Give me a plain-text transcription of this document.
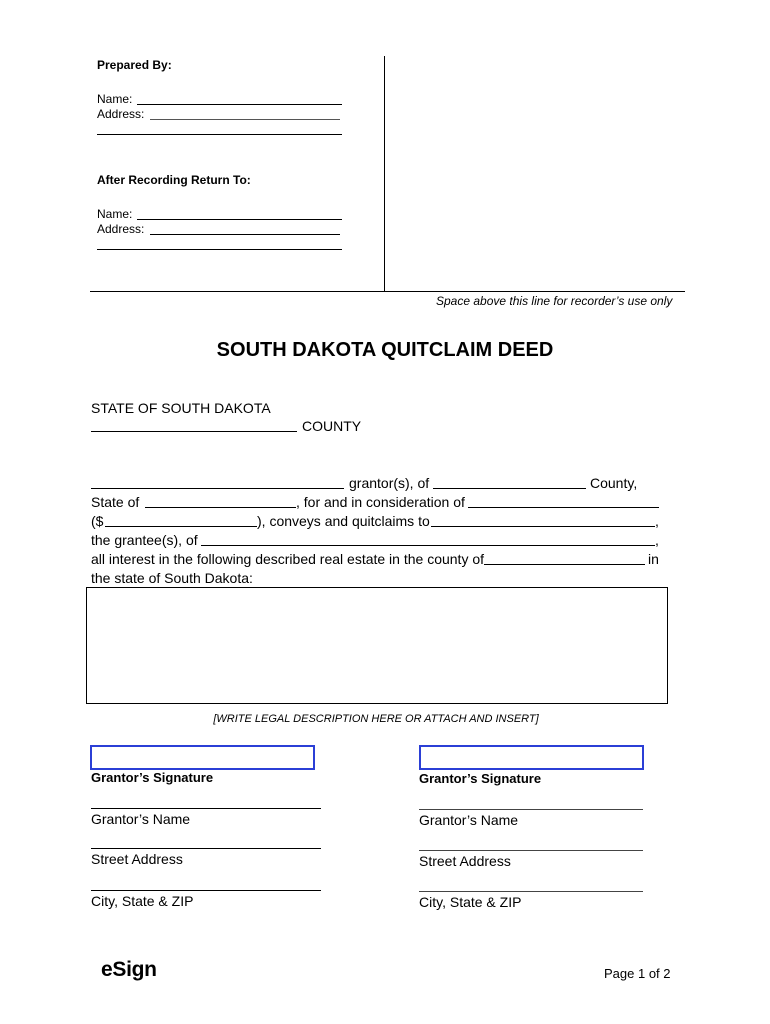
Prepared By:
Name:
Address:
After Recording Return To:
Name:
Address:
Space above this line for recorder’s use only
SOUTH DAKOTA QUITCLAIM DEED
STATE OF SOUTH DAKOTA
COUNTY
grantor(s), of	County,
State of	, for and in consideration of
($	), conveys and quitclaims to	,
the grantee(s), of	,
all interest in the following described real estate in the county of	in
the state of South Dakota:
[WRITE LEGAL DESCRIPTION HERE OR ATTACH AND INSERT]
Grantor’s Signature
Grantor’s Name
Street Address
City, State & ZIP
Grantor’s Signature
Grantor’s Name
Street Address
City, State & ZIP
eSign	Page 1 of 2
